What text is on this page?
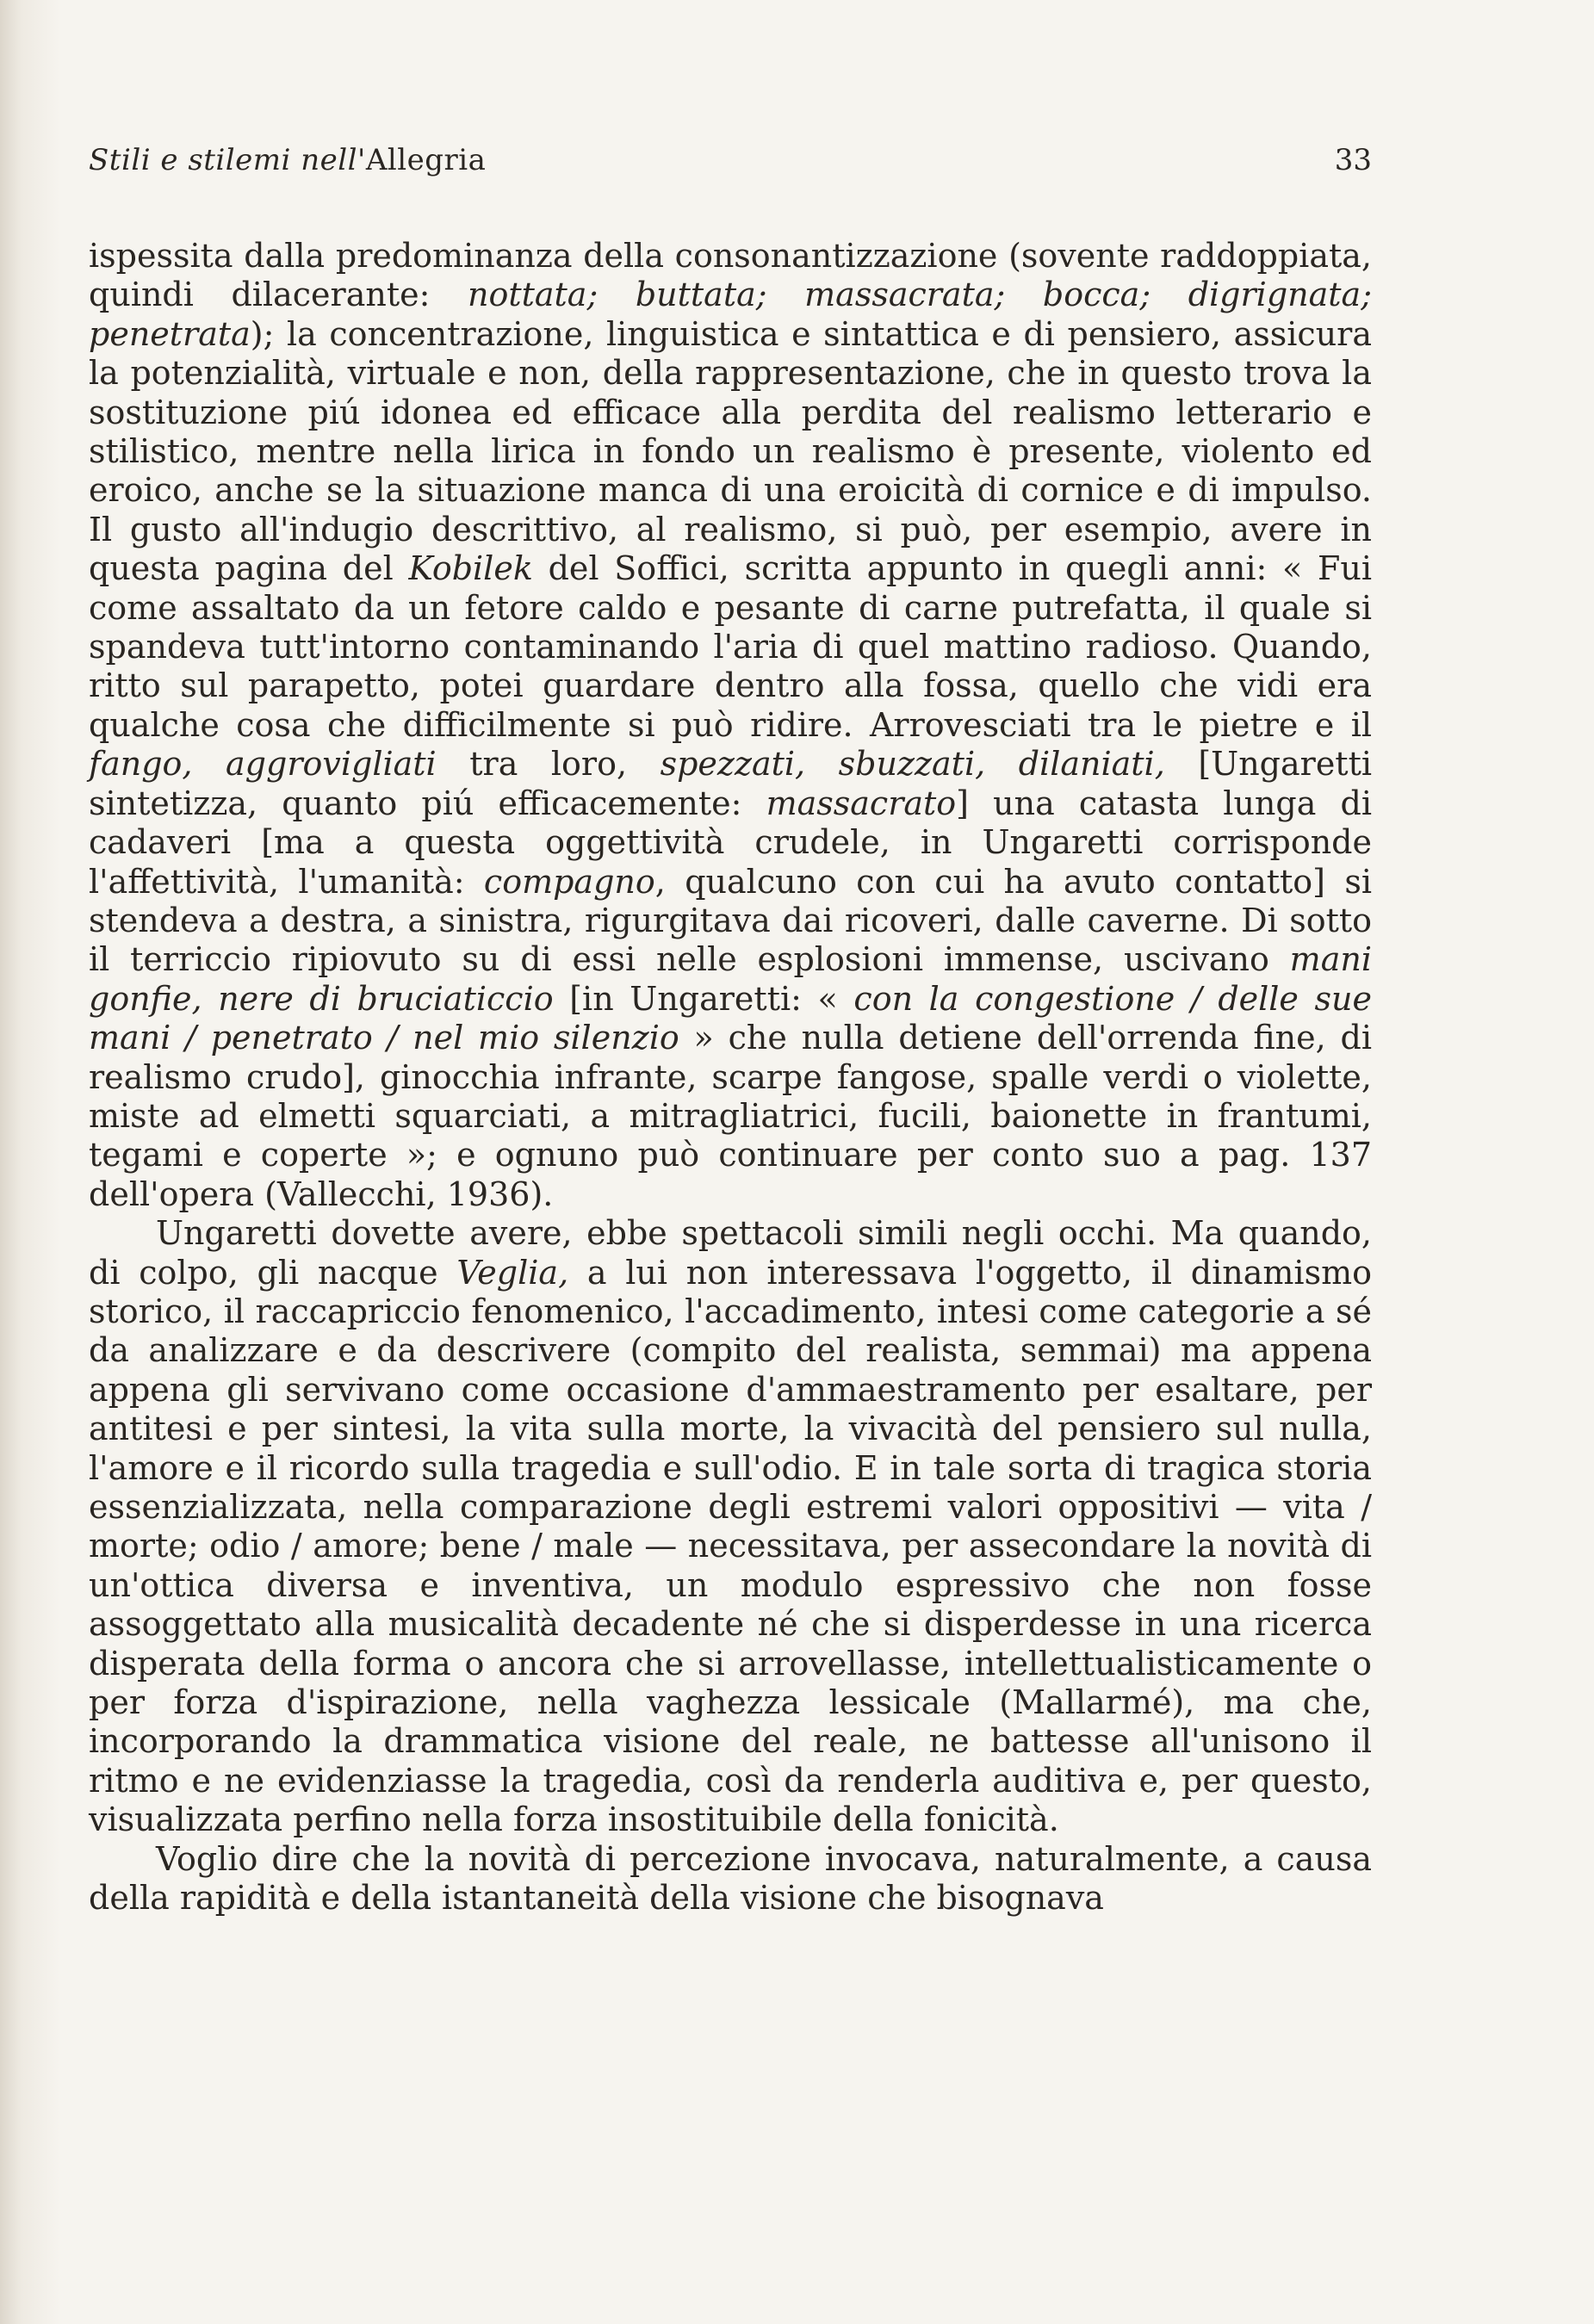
Stili e stilemi nell'Allegria	33

ispessita dalla predominanza della consonantizzazione (sovente raddoppiata, quindi dilacerante: nottata; buttata; massacrata; bocca; digrignata; penetrata); la concentrazione, linguistica e sintattica e di pensiero, assicura la potenzialità, virtuale e non, della rappresentazione, che in questo trova la sostituzione piú idonea ed efficace alla perdita del realismo letterario e stilistico, mentre nella lirica in fondo un realismo è presente, violento ed eroico, anche se la situazione manca di una eroicità di cornice e di impulso. Il gusto all'indugio descrittivo, al realismo, si può, per esempio, avere in questa pagina del Kobilek del Soffici, scritta appunto in quegli anni: « Fui come assaltato da un fetore caldo e pesante di carne putrefatta, il quale si spandeva tutt'intorno contaminando l'aria di quel mattino radioso. Quando, ritto sul parapetto, potei guardare dentro alla fossa, quello che vidi era qualche cosa che difficilmente si può ridire. Arrovesciati tra le pietre e il fango, aggrovigliati tra loro, spezzati, sbuzzati, dilaniati, [Ungaretti sintetizza, quanto piú efficacemente: massacrato] una catasta lunga di cadaveri [ma a questa oggettività crudele, in Ungaretti corrisponde l'affettività, l'umanità: compagno, qualcuno con cui ha avuto contatto] si stendeva a destra, a sinistra, rigurgitava dai ricoveri, dalle caverne. Di sotto il terriccio ripiovuto su di essi nelle esplosioni immense, uscivano mani gonfie, nere di bruciaticcio [in Ungaretti: « con la congestione / delle sue mani / penetrato / nel mio silenzio » che nulla detiene dell'orrenda fine, di realismo crudo], ginocchia infrante, scarpe fangose, spalle verdi o violette, miste ad elmetti squarciati, a mitragliatrici, fucili, baionette in frantumi, tegami e coperte »; e ognuno può continuare per conto suo a pag. 137 dell'opera (Vallecchi, 1936).

Ungaretti dovette avere, ebbe spettacoli simili negli occhi. Ma quando, di colpo, gli nacque Veglia, a lui non interessava l'oggetto, il dinamismo storico, il raccapriccio fenomenico, l'accadimento, intesi come categorie a sé da analizzare e da descrivere (compito del realista, semmai) ma appena appena gli servivano come occasione d'ammaestramento per esaltare, per antitesi e per sintesi, la vita sulla morte, la vivacità del pensiero sul nulla, l'amore e il ricordo sulla tragedia e sull'odio. E in tale sorta di tragica storia essenzializzata, nella comparazione degli estremi valori oppositivi — vita / morte; odio / amore; bene / male — necessitava, per assecondare la novità di un'ottica diversa e inventiva, un modulo espressivo che non fosse assoggettato alla musicalità decadente né che si disperdesse in una ricerca disperata della forma o ancora che si arrovellasse, intellettualisticamente o per forza d'ispirazione, nella vaghezza lessicale (Mallarmé), ma che, incorporando la drammatica visione del reale, ne battesse all'unisono il ritmo e ne evidenziasse la tragedia, così da renderla auditiva e, per questo, visualizzata perfino nella forza insostituibile della fonicità.

Voglio dire che la novità di percezione invocava, naturalmente, a causa della rapidità e della istantaneità della visione che bisognava
